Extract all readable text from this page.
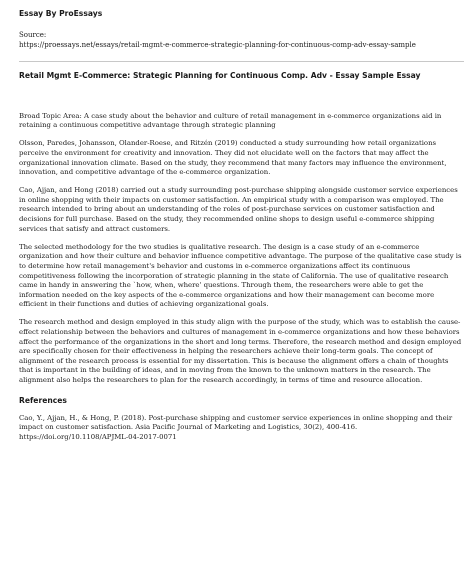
Essay By ProEssays
Source:
https://proessays.net/essays/retail-mgmt-e-commerce-strategic-planning-for-continuous-comp-adv-essay-sample
Retail Mgmt E-Commerce: Strategic Planning for Continuous Comp. Adv - Essay Sample Essay

Broad Topic Area: A case study about the behavior and culture of retail management in e-commerce organizations aid in retaining a continuous competitive advantage through strategic planning

Olsson, Paredes, Johansson, Olander-Roese, and Ritzén (2019) conducted a study surrounding how retail organizations perceive the environment for creativity and innovation. They did not elucidate well on the factors that may affect the organizational innovation climate. Based on the study, they recommend that many factors may influence the environment, innovation, and competitive advantage of the e-commerce organization.

Cao, Ajjan, and Hong (2018) carried out a study surrounding post-purchase shipping alongside customer service experiences in online shopping with their impacts on customer satisfaction. An empirical study with a comparison was employed. The research intended to bring about an understanding of the roles of post-purchase services on customer satisfaction and decisions for full purchase. Based on the study, they recommended online shops to design useful e-commerce shipping services that satisfy and attract customers.

The selected methodology for the two studies is qualitative research. The design is a case study of an e-commerce organization and how their culture and behavior influence competitive advantage. The purpose of the qualitative case study is to determine how retail management's behavior and customs in e-commerce organizations affect its continuous competitiveness following the incorporation of strategic planning in the state of California. The use of qualitative research came in handy in answering the `how, when, where' questions. Through them, the researchers were able to get the information needed on the key aspects of the e-commerce organizations and how their management can become more efficient in their functions and duties of achieving organizational goals.

The research method and design employed in this study align with the purpose of the study, which was to establish the cause-effect relationship between the behaviors and cultures of management in e-commerce organizations and how these behaviors affect the performance of the organizations in the short and long terms. Therefore, the research method and design employed are specifically chosen for their effectiveness in helping the researchers achieve their long-term goals. The concept of alignment of the research process is essential for my dissertation. This is because the alignment offers a chain of thoughts that is important in the building of ideas, and in moving from the known to the unknown matters in the research. The alignment also helps the researchers to plan for the research accordingly, in terms of time and resource allocation.

References

Cao, Y., Ajjan, H., & Hong, P. (2018). Post-purchase shipping and customer service experiences in online shopping and their impact on customer satisfaction. Asia Pacific Journal of Marketing and Logistics, 30(2), 400-416. https://doi.org/10.1108/APJML-04-2017-0071
